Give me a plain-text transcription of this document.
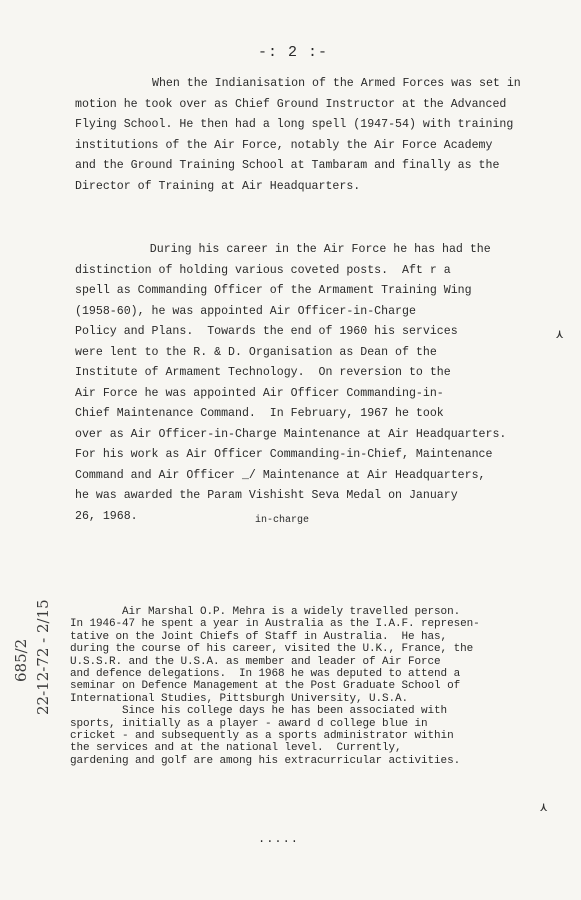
-: 2 :-
When the Indianisation of the Armed Forces was set in
motion he took over as Chief Ground Instructor at the Advanced
Flying School. He then had a long spell (1947-54) with training
institutions of the Air Force, notably the Air Force Academy
and the Ground Training School at Tambaram and finally as the
Director of Training at Air Headquarters.
During his career in the Air Force he has had the
distinction of holding various coveted posts.  Aft r a
spell as Commanding Officer of the Armament Training Wing
(1958-60), he was appointed Air Officer-in-Charge
Policy and Plans.  Towards the end of 1960 his services
were lent to the R. & D. Organisation as Dean of the
Institute of Armament Technology.  On reversion to the
Air Force he was appointed Air Officer Commanding-in-
Chief Maintenance Command.  In February, 1967 he took
over as Air Officer-in-Charge Maintenance at Air Headquarters.
For his work as Air Officer Commanding-in-Chief, Maintenance
Command and Air Officer _/ Maintenance at Air Headquarters,
he was awarded the Param Vishisht Seva Medal on January
26, 1968.	in-charge
Air Marshal O.P. Mehra is a widely travelled person.
In 1946-47 he spent a year in Australia as the I.A.F. represen-
tative on the Joint Chiefs of Staff in Australia.  He has,
during the course of his career, visited the U.K., France, the
U.S.S.R. and the U.S.A. as member and leader of Air Force
and defence delegations.  In 1968 he was deputed to attend a
seminar on Defence Management at the Post Graduate School of
International Studies, Pittsburgh University, U.S.A.
Since his college days he has been associated with
sports, initially as a player - award d college blue in
cricket - and subsequently as a sports administrator within
the services and at the national level.  Currently,
gardening and golf are among his extracurricular activities.
.....
685/2 22-12-72 - 2/15
⋏
⋏
